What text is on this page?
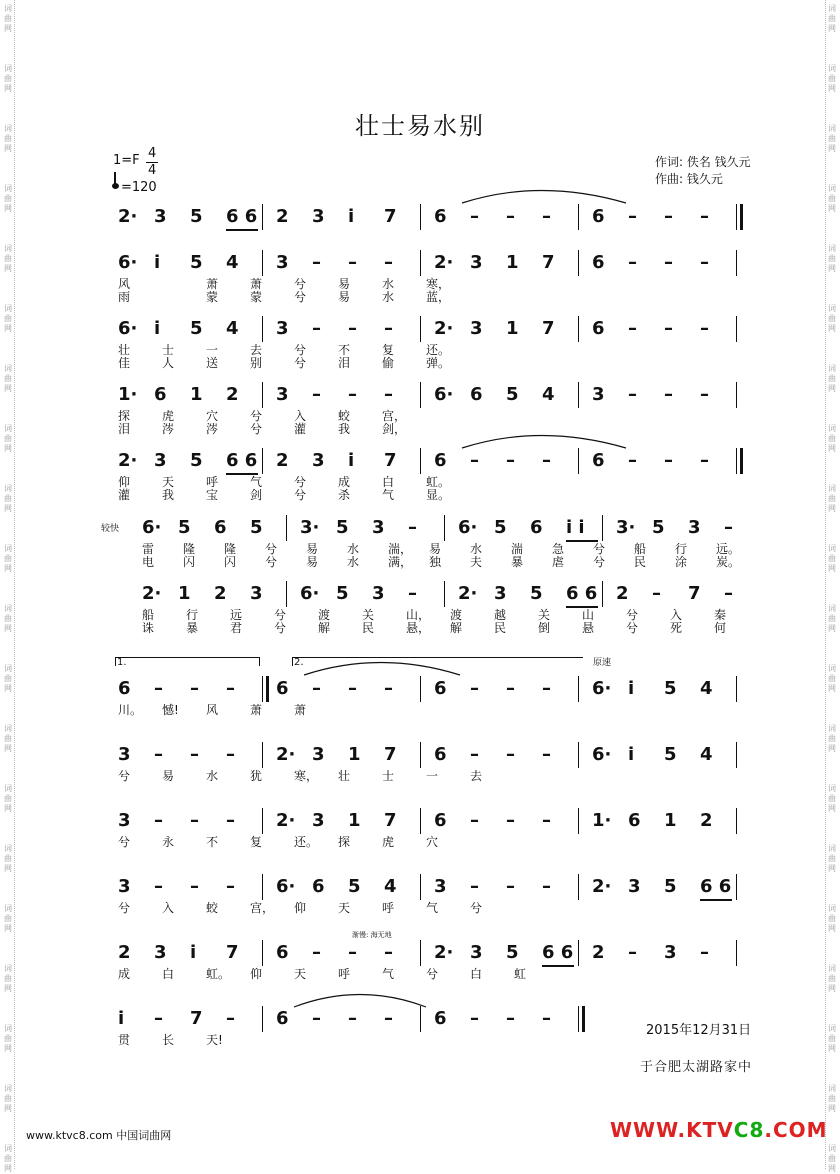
词
曲
网
词
曲
网
词
曲
网
词
曲
网
词
曲
网
词
曲
网
词
曲
网
词
曲
网
词
曲
网
词
曲
网
词
曲
网
词
曲
网
词
曲
网
词
曲
网
词
曲
网
词
曲
网
词
曲
网
词
曲
网
词
曲
网
词
曲
网
词
曲
网
词
曲
网
词
曲
网
词
曲
网
词
曲
网
词
曲
网
词
曲
网
词
曲
网
词
曲
网
词
曲
网
词
曲
网
词
曲
网
词
曲
网
词
曲
网
词
曲
网
词
曲
网
词
曲
网
词
曲
网
词
曲
网
词
曲
网
壮士易水别
1=F 4
4
=120
作词: 佚名 钱久元
作曲: 钱久元
较快
原速
渐慢: 海无地
1.	2.
2· 3 5 6 6 2 3 i 7 6 – – – 6 – – –
6· i 5 4 3 – – – 2· 3 1 7 6 – – –
6· i 5 4 3 – – – 2· 3 1 7 6 – – –
1· 6 1 2 3 – – – 6· 6 5 4 3 – – –
2· 3 5 6 6 2 3 i 7 6 – – – 6 – – –
6· 5 6 5 3· 5 3 – 6· 5 6 i i 3· 5 3 –
2· 1 2 3 6· 5 3 – 2· 3 5 6 6 2 – 7 –
6 – – – 6 – – – 6 – – – 6· i 5 4
3 – – – 2· 3 1 7 6 – – – 6· i 5 4
3 – – – 2· 3 1 7 6 – – – 1· 6 1 2
3 – – – 6· 6 5 4 3 – – – 2· 3 5 6 6
2 3 i 7 6 – – – 2· 3 5 6 6 2 – 3 –
i – 7 – 6 – – – 6 – – –
2015年12月31日
于合肥太湖路家中
www.ktvc8.com 中国词曲网	WWW.KTVC8.COM
风	萧	萧	兮	易	水	寒，
雨	蒙	蒙	兮	易	水	蓝，
壮	士	一	去	兮	不	复	还。
佳	人	送	别	兮	泪	偷	弹。
探	虎	穴	兮	入	蛟	宫，
泪	涔	涔	兮	灌	我	剑，
仰	天	呼	气	兮	成	白	虹。
灌	我	宝	剑	兮	杀	气	显。
雷 隆 隆 兮 易 水 湍， 易 水 湍 急 兮 船 行 远。
电 闪 闪 兮 易 水 满， 独 夫 暴 虐 兮 民 涂 炭。
船	行	远	兮	渡	关	山， 渡	越	关	山	兮	入	秦
诛	暴	君	兮	解	民	悬， 解	民	倒	悬	兮	死	何
川。 憾! 风	萧	萧
兮	易	水	犹	寒， 壮	士	一	去
兮	永	不	复	还。 探	虎	穴
兮	入	蛟	宫， 仰	天	呼	气	兮
成	白	虹。 仰	天	呼	气	兮	白	虹
贯	长	天!
